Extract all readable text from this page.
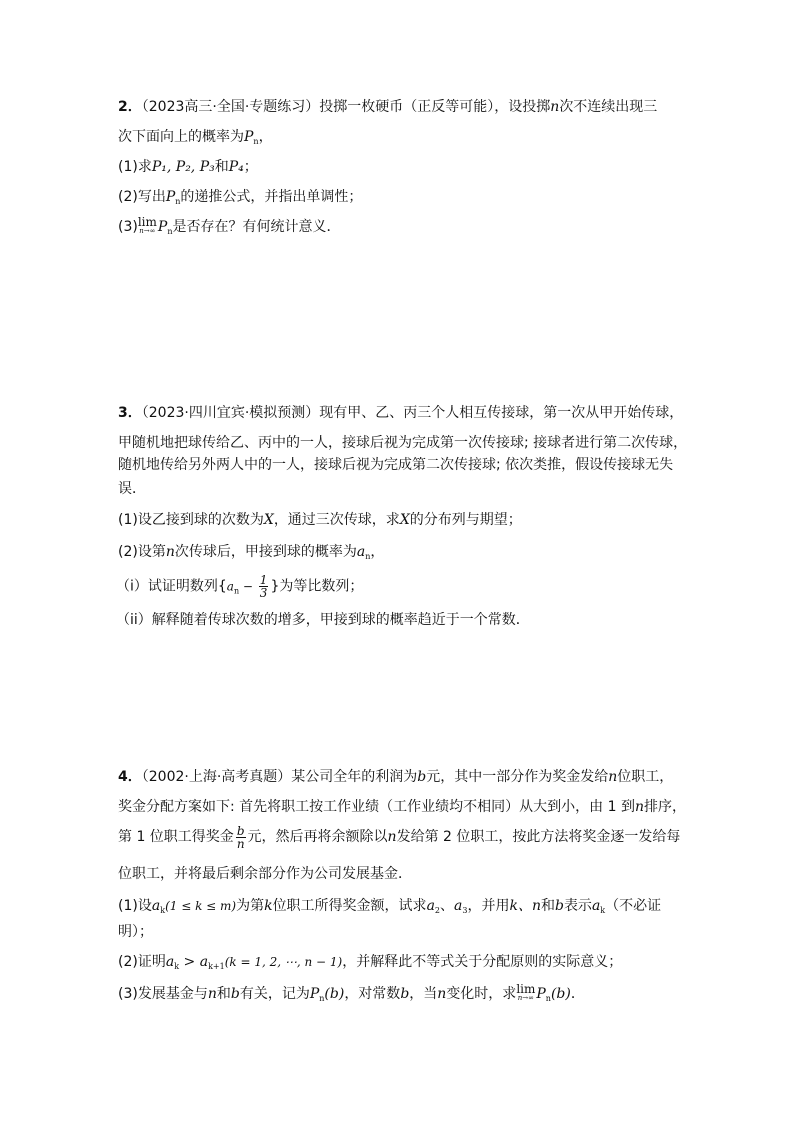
2．（2023高三·全国·专题练习）投掷一枚硬币（正反等可能），设投掷n次不连续出现三
次下面向上的概率为$P_n$，
(1)求P₁, P₂, P₃和P₄；
(2)写出$P_n$的递推公式，并指出单调性；
(3) lim
n→∞ $P_n$是否存在？有何统计意义．
3．（2023·四川宜宾·模拟预测）现有甲、乙、丙三个人相互传接球，第一次从甲开始传球，
甲随机地把球传给乙、丙中的一人，接球后视为完成第一次传接球; 接球者进行第二次传球，
随机地传给另外两人中的一人，接球后视为完成第二次传接球; 依次类推，假设传接球无失
误．
(1)设乙接到球的次数为X，通过三次传球，求X的分布列与期望；
(2)设第n次传球后，甲接到球的概率为$a_n$，
（i）试证明数列{$a_n - \frac{1}{3}$ }为等比数列；
（ii）解释随着传球次数的增多，甲接到球的概率趋近于一个常数．
4．（2002·上海·高考真题）某公司全年的利润为b元，其中一部分作为奖金发给n位职工，
奖金分配方案如下: 首先将职工按工作业绩（工作业绩均不相同）从大到小，由 1 到n排序，
第 1 位职工得奖金 $\frac{b}{n}$ 元，然后再将余额除以n发给第 2 位职工，按此方法将奖金逐一发给每
位职工，并将最后剩余部分作为公司发展基金．
(1)设$a_k(1 \le k \le m)$为第k位职工所得奖金额，试求$a_2$、$a_3$，并用k、n和b表示$a_k$（不必证
明）；
(2)证明$a_k > a_{k+1}(k = 1$, 2, ⋯, n − 1)，并解释此不等式关于分配原则的实际意义；
(3)发展基金与n和b有关，记为$P_n(b)$，对常数b，当n变化时，求 lim
n→∞ $P_n(b)$．
